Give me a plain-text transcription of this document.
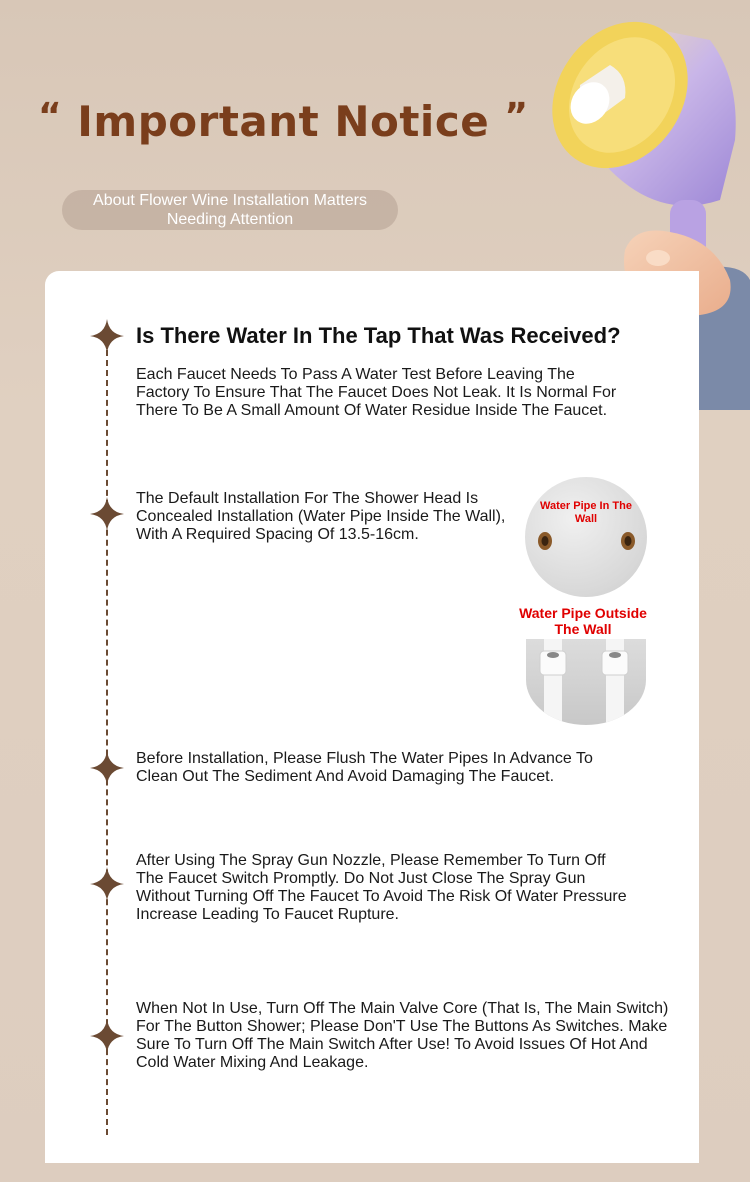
“ Important Notice ”
About Flower Wine Installation Matters Needing Attention
Is There Water In The Tap That Was Received?
Each Faucet Needs To Pass A Water Test Before Leaving The Factory To Ensure That The Faucet Does Not Leak. It Is Normal For There To Be A Small Amount Of Water Residue Inside The Faucet.
The Default Installation For The Shower Head Is Concealed Installation (Water Pipe Inside The Wall), With A Required Spacing Of 13.5-16cm.
Water Pipe In The Wall
Water Pipe Outside The Wall
Before Installation, Please Flush The Water Pipes In Advance To Clean Out The Sediment And Avoid Damaging The Faucet.
After Using The Spray Gun Nozzle, Please Remember To Turn Off The Faucet Switch Promptly. Do Not Just Close The Spray Gun Without Turning Off The Faucet To Avoid The Risk Of Water Pressure Increase Leading To Faucet Rupture.
When Not In Use, Turn Off The Main Valve Core (That Is, The Main Switch) For The Button Shower; Please Don'T Use The Buttons As Switches. Make Sure To Turn Off The Main Switch After Use! To Avoid Issues Of Hot And Cold Water Mixing And Leakage.
